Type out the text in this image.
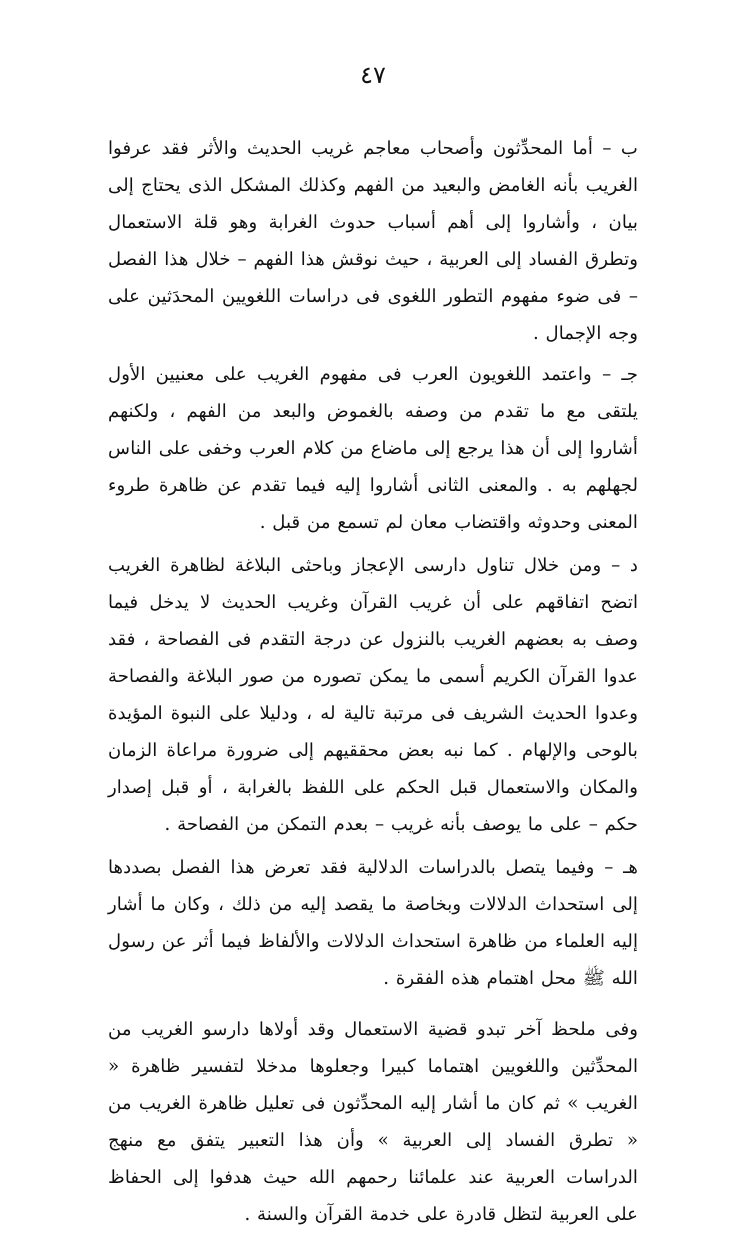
٤٧

ب – أما المحدِّثون وأصحاب معاجم غريب الحديث والأثر فقد عرفوا الغريب بأنه الغامض والبعيد من الفهم وكذلك المشكل الذى يحتاج إلى بيان ، وأشاروا إلى أهم أسباب حدوث الغرابة وهو قلة الاستعمال وتطرق الفساد إلى العربية ، حيث نوقش هذا الفهم – خلال هذا الفصل – فى ضوء مفهوم التطور اللغوى فى دراسات اللغويين المحدَثين على وجه الإجمال .

جـ – واعتمد اللغويون العرب فى مفهوم الغريب على معنيين الأول يلتقى مع ما تقدم من وصفه بالغموض والبعد من الفهم ، ولكنهم أشاروا إلى أن هذا يرجع إلى ماضاع من كلام العرب وخفى على الناس لجهلهم به . والمعنى الثانى أشاروا إليه فيما تقدم عن ظاهرة طروء المعنى وحدوثه واقتضاب معان لم تسمع من قبل .

د – ومن خلال تناول دارسى الإعجاز وباحثى البلاغة لظاهرة الغريب اتضح اتفاقهم على أن غريب القرآن وغريب الحديث لا يدخل فيما وصف به بعضهم الغريب بالنزول عن درجة التقدم فى الفصاحة ، فقد عدوا القرآن الكريم أسمى ما يمكن تصوره من صور البلاغة والفصاحة وعدوا الحديث الشريف فى مرتبة تالية له ، ودليلا على النبوة المؤيدة بالوحى والإلهام . كما نبه بعض محققيهم إلى ضرورة مراعاة الزمان والمكان والاستعمال قبل الحكم على اللفظ بالغرابة ، أو قبل إصدار حكم – على ما يوصف بأنه غريب – بعدم التمكن من الفصاحة .

هـ – وفيما يتصل بالدراسات الدلالية فقد تعرض هذا الفصل بصددها إلى استحداث الدلالات وبخاصة ما يقصد إليه من ذلك ، وكان ما أشار إليه العلماء من ظاهرة استحداث الدلالات والألفاظ فيما أثر عن رسول الله ﷺ محل اهتمام هذه الفقرة .

وفى ملحظ آخر تبدو قضية الاستعمال وقد أولاها دارسو الغريب من المحدِّثين واللغويين اهتماما كبيرا وجعلوها مدخلا لتفسير ظاهرة « الغريب » ثم كان ما أشار إليه المحدِّثون فى تعليل ظاهرة الغريب من « تطرق الفساد إلى العربية » وأن هذا التعبير يتفق مع منهج الدراسات العربية عند علمائنا رحمهم الله حيث هدفوا إلى الحفاظ على العربية لتظل قادرة على خدمة القرآن والسنة .
